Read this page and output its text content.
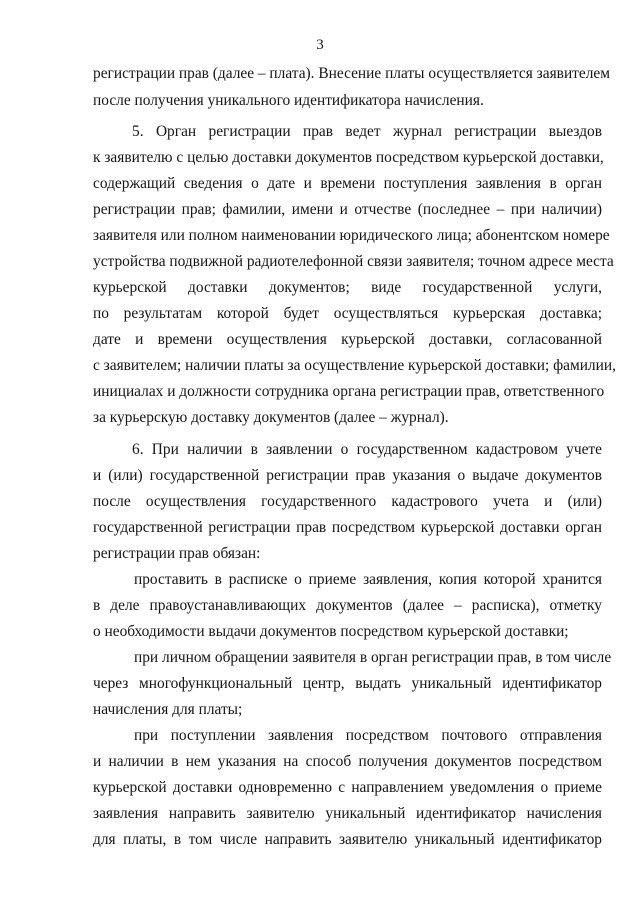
3
регистрации прав (далее – плата). Внесение платы осуществляется заявителем
после получения уникального идентификатора начисления.
5. Орган регистрации прав ведет журнал регистрации выездов
к заявителю с целью доставки документов посредством курьерской доставки,
содержащий сведения о дате и времени поступления заявления в орган
регистрации прав; фамилии, имени и отчестве (последнее – при наличии)
заявителя или полном наименовании юридического лица; абонентском номере
устройства подвижной радиотелефонной связи заявителя; точном адресе места
курьерской доставки документов; виде государственной услуги,
по результатам которой будет осуществляться курьерская доставка;
дате и времени осуществления курьерской доставки, согласованной
с заявителем; наличии платы за осуществление курьерской доставки; фамилии,
инициалах и должности сотрудника органа регистрации прав, ответственного
за курьерскую доставку документов (далее – журнал).
6. При наличии в заявлении о государственном кадастровом учете
и (или) государственной регистрации прав указания о выдаче документов
после осуществления государственного кадастрового учета и (или)
государственной регистрации прав посредством курьерской доставки орган
регистрации прав обязан:
проставить в расписке о приеме заявления, копия которой хранится
в деле правоустанавливающих документов (далее – расписка), отметку
о необходимости выдачи документов посредством курьерской доставки;
при личном обращении заявителя в орган регистрации прав, в том числе
через многофункциональный центр, выдать уникальный идентификатор
начисления для платы;
при поступлении заявления посредством почтового отправления
и наличии в нем указания на способ получения документов посредством
курьерской доставки одновременно с направлением уведомления о приеме
заявления направить заявителю уникальный идентификатор начисления
для платы, в том числе направить заявителю уникальный идентификатор
